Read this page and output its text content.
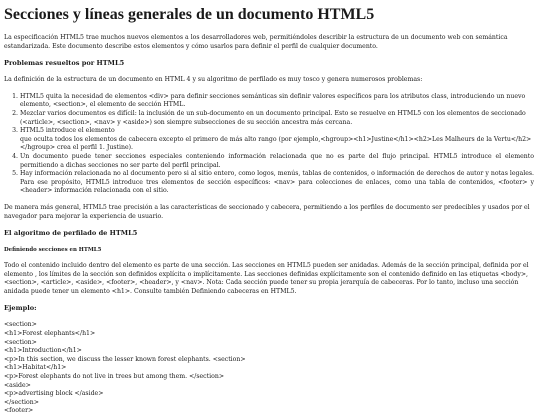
Secciones y líneas generales de un documento HTML5

La especificación HTML5 trae muchos nuevos elementos a los desarrolladores web, permitiéndoles describir la estructura de un documento web con semántica estandarizada. Este documento describe estos elementos y cómo usarlos para definir el perfil de cualquier documento.

Problemas resueltos por HTML5

La definición de la estructura de un documento en HTML 4 y su algoritmo de perfilado es muy tosco y genera numerosos problemas:

1. HTML5 quita la necesidad de elementos <div> para definir secciones semánticas sin definir valores específicos para los atributos class, introduciendo un nuevo elemento, <section>, el elemento de sección HTML.
2. Mezclar varios documentos es difícil: la inclusión de un sub-documento en un documento principal. Esto se resuelve en HTML5 con los elementos de seccionado (<article>, <section>, <nav> y <aside>) son siempre subsecciones de su sección ancestra más cercana.
3. HTML5 introduce el elemento
que oculta todos los elementos de cabecera excepto el primero de más alto rango (por ejemplo,<hgroup><h1>Justine</h1><h2>Les Malheurs de la Vertu</h2></hgroup> crea el perfil 1. Justine).
4. Un documento puede tener secciones especiales conteniendo información relacionada que no es parte del flujo principal. HTML5 introduce el elemento permitiendo a dichas secciones no ser parte del perfil principal.
5. Hay información relacionada no al documento pero si al sitio entero, como logos, menús, tablas de contenidos, o información de derechos de autor y notas legales. Para ese propósito, HTML5 introduce tres elementos de sección específicos: <nav> para colecciones de enlaces, como una tabla de contenidos, <footer> y <header> información relacionada con el sitio.

De manera más general, HTML5 trae precisión a las características de seccionado y cabecera, permitiendo a los perfiles de documento ser predecibles y usados por el navegador para mejorar la experiencia de usuario.

El algoritmo de perfilado de HTML5
Definiendo secciones en HTML5

Todo el contenido incluido dentro del elemento es parte de una sección. Las secciones en HTML5 pueden ser anidadas. Además de la sección principal, definida por el elemento , los límites de la sección son definidos explícita o implícitamente. Las secciones definidas explícitamente son el contenido definido en las etiquetas <body>, <section>, <article>, <aside>, <footer>, <header>, y <nav>. Nota: Cada sección puede tener su propia jerarquía de cabeceras. Por lo tanto, incluso una sección anidada puede tener un elemento <h1>. Consulte también Definiendo cabeceras en HTML5.

Ejemplo:
<section>
<h1>Forest elephants</h1>
<section>
<h1>Introduction</h1>
<p>In this section, we discuss the lesser known forest elephants. <section>
<h1>Habitat</h1>
<p>Forest elephants do not live in trees but among them. </section>
<aside>
<p>advertising block </aside>
</section>
<footer>
